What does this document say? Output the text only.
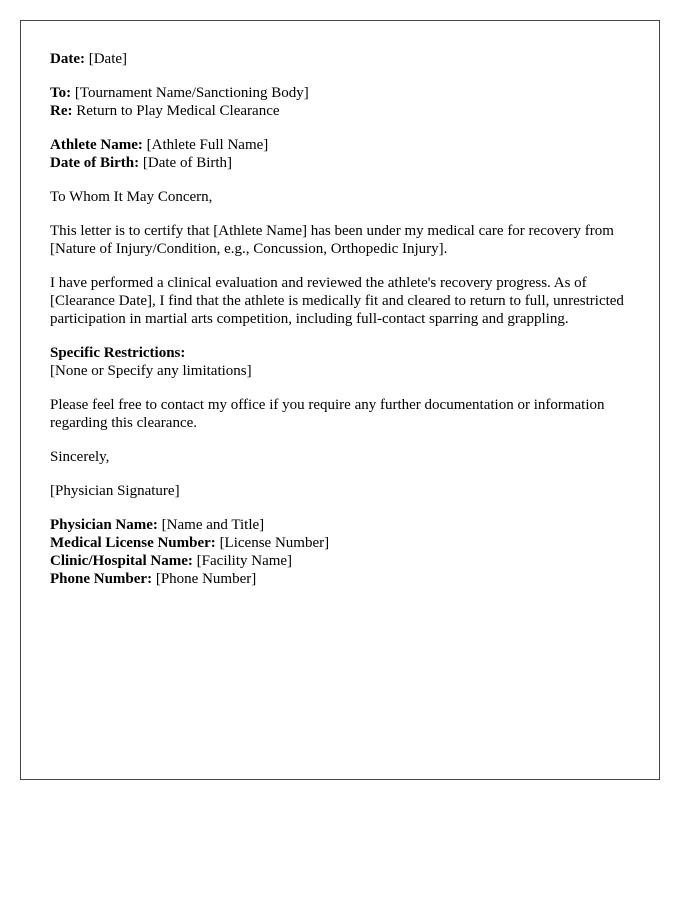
Date: [Date]
To: [Tournament Name/Sanctioning Body]
Re: Return to Play Medical Clearance
Athlete Name: [Athlete Full Name]
Date of Birth: [Date of Birth]
To Whom It May Concern,
This letter is to certify that [Athlete Name] has been under my medical care for recovery from [Nature of Injury/Condition, e.g., Concussion, Orthopedic Injury].
I have performed a clinical evaluation and reviewed the athlete's recovery progress. As of [Clearance Date], I find that the athlete is medically fit and cleared to return to full, unrestricted participation in martial arts competition, including full-contact sparring and grappling.
Specific Restrictions:
[None or Specify any limitations]
Please feel free to contact my office if you require any further documentation or information regarding this clearance.
Sincerely,
[Physician Signature]
Physician Name: [Name and Title]
Medical License Number: [License Number]
Clinic/Hospital Name: [Facility Name]
Phone Number: [Phone Number]
